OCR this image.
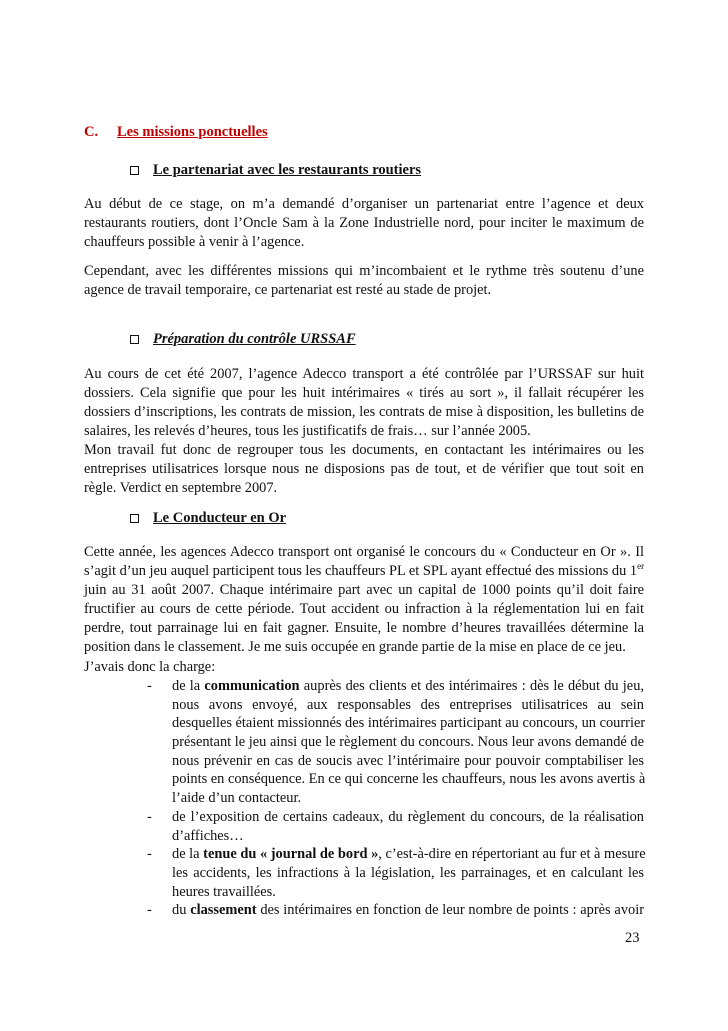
C. Les missions ponctuelles
Le partenariat avec les restaurants routiers
Au début de ce stage, on m’a demandé d’organiser un partenariat entre l’agence et deux
restaurants routiers, dont l’Oncle Sam à la Zone Industrielle nord, pour inciter le maximum de
chauffeurs possible à venir à l’agence.
Cependant, avec les différentes missions qui m’incombaient et le rythme très soutenu d’une
agence de travail temporaire, ce partenariat est resté au stade de projet.
Préparation du contrôle URSSAF
Au cours de cet été 2007, l’agence Adecco transport a été contrôlée par l’URSSAF sur huit
dossiers. Cela signifie que pour les huit intérimaires « tirés au sort », il fallait récupérer les
dossiers d’inscriptions, les contrats de mission, les contrats de mise à disposition, les bulletins de
salaires, les relevés d’heures, tous les justificatifs de frais… sur l’année 2005.
Mon travail fut donc de regrouper tous les documents, en contactant les intérimaires ou les
entreprises utilisatrices lorsque nous ne disposions pas de tout, et de vérifier que tout soit en
règle. Verdict en septembre 2007.
Le Conducteur en Or
Cette année, les agences Adecco transport ont organisé le concours du « Conducteur en Or ». Il
s’agit d’un jeu auquel participent tous les chauffeurs PL et SPL ayant effectué des missions du 1er
juin au 31 août 2007. Chaque intérimaire part avec un capital de 1000 points qu’il doit faire
fructifier au cours de cette période. Tout accident ou infraction à la réglementation lui en fait
perdre, tout parrainage lui en fait gagner. Ensuite, le nombre d’heures travaillées détermine la
position dans le classement. Je me suis occupée en grande partie de la mise en place de ce jeu.
J’avais donc la charge:
- de la communication auprès des clients et des intérimaires : dès le début du jeu,
nous avons envoyé, aux responsables des entreprises utilisatrices au sein
desquelles étaient missionnés des intérimaires participant au concours, un courrier
présentant le jeu ainsi que le règlement du concours. Nous leur avons demandé de
nous prévenir en cas de soucis avec l’intérimaire pour pouvoir comptabiliser les
points en conséquence. En ce qui concerne les chauffeurs, nous les avons avertis à
l’aide d’un contacteur.
- de l’exposition de certains cadeaux, du règlement du concours, de la réalisation
d’affiches…
- de la tenue du « journal de bord », c’est-à-dire en répertoriant au fur et à mesure
les accidents, les infractions à la législation, les parrainages, et en calculant les
heures travaillées.
- du classement des intérimaires en fonction de leur nombre de points : après avoir
23
